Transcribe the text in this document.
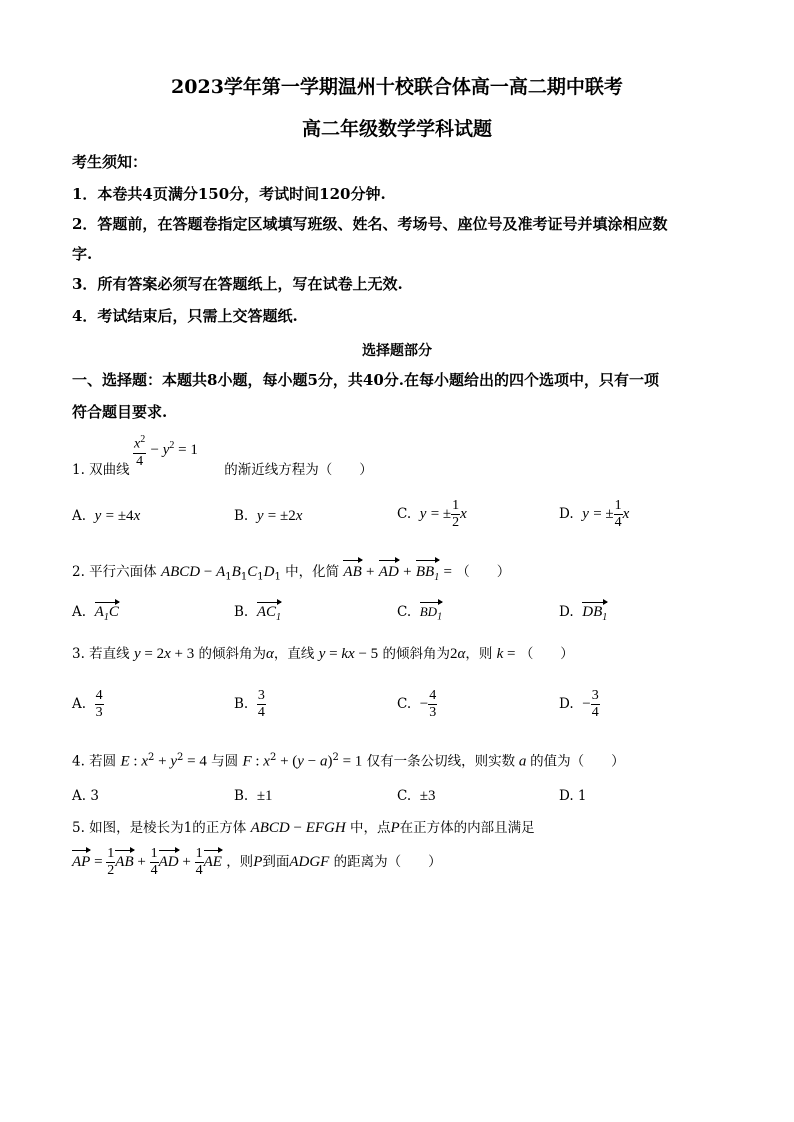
2023学年第一学期温州十校联合体高一高二期中联考
高二年级数学学科试题
考生须知：
1．本卷共4页满分150分，考试时间120分钟.
2．答题前，在答题卷指定区域填写班级、姓名、考场号、座位号及准考证号并填涂相应数
字.
3．所有答案必须写在答题纸上，写在试卷上无效.
4．考试结束后，只需上交答题纸.
选择题部分
一、选择题：本题共8小题，每小题5分，共40分.在每小题给出的四个选项中，只有一项
符合题目要求.
$\frac{x^2}{4} - y^2 = 1$
1. 双曲线	的渐近线方程为（　　）
A. y = ±4x	B. y = ±2x	C. y = ± $\frac{1}{2}$ x	D. y = ± $\frac{1}{4}$ x
2. 平行六面体 ABCD − $A_1B_1C_1D_1$ 中，化简 AB + AD + $BB_1$ = （　　）
A. $A_1C$	B. $AC_1$	C. $BD_1$	D. $DB_1$
3. 若直线 y = 2x + 3 的倾斜角为α，直线 y = kx − 5 的倾斜角为2α，则 k = （　　）
A. $\frac{4}{3}$	B. $\frac{3}{4}$	C. − $\frac{4}{3}$	D. − $\frac{3}{4}$
4. 若圆 E : $x^2 + y^2 = 4$ 与圆 F : $x^2 + (y - a)^2 = 1$ 仅有一条公切线，则实数 a 的值为（　　）
A. 3	B. ±1	C. ±3	D. 1
5. 如图，是棱长为1的正方体 ABCD − EFGH 中，点P在正方体的内部且满足
AP = $\frac{1}{2}$ AB + $\frac{1}{4}$ AD + $\frac{1}{4}$ AE ，则P到面ADGF 的距离为（　　）
